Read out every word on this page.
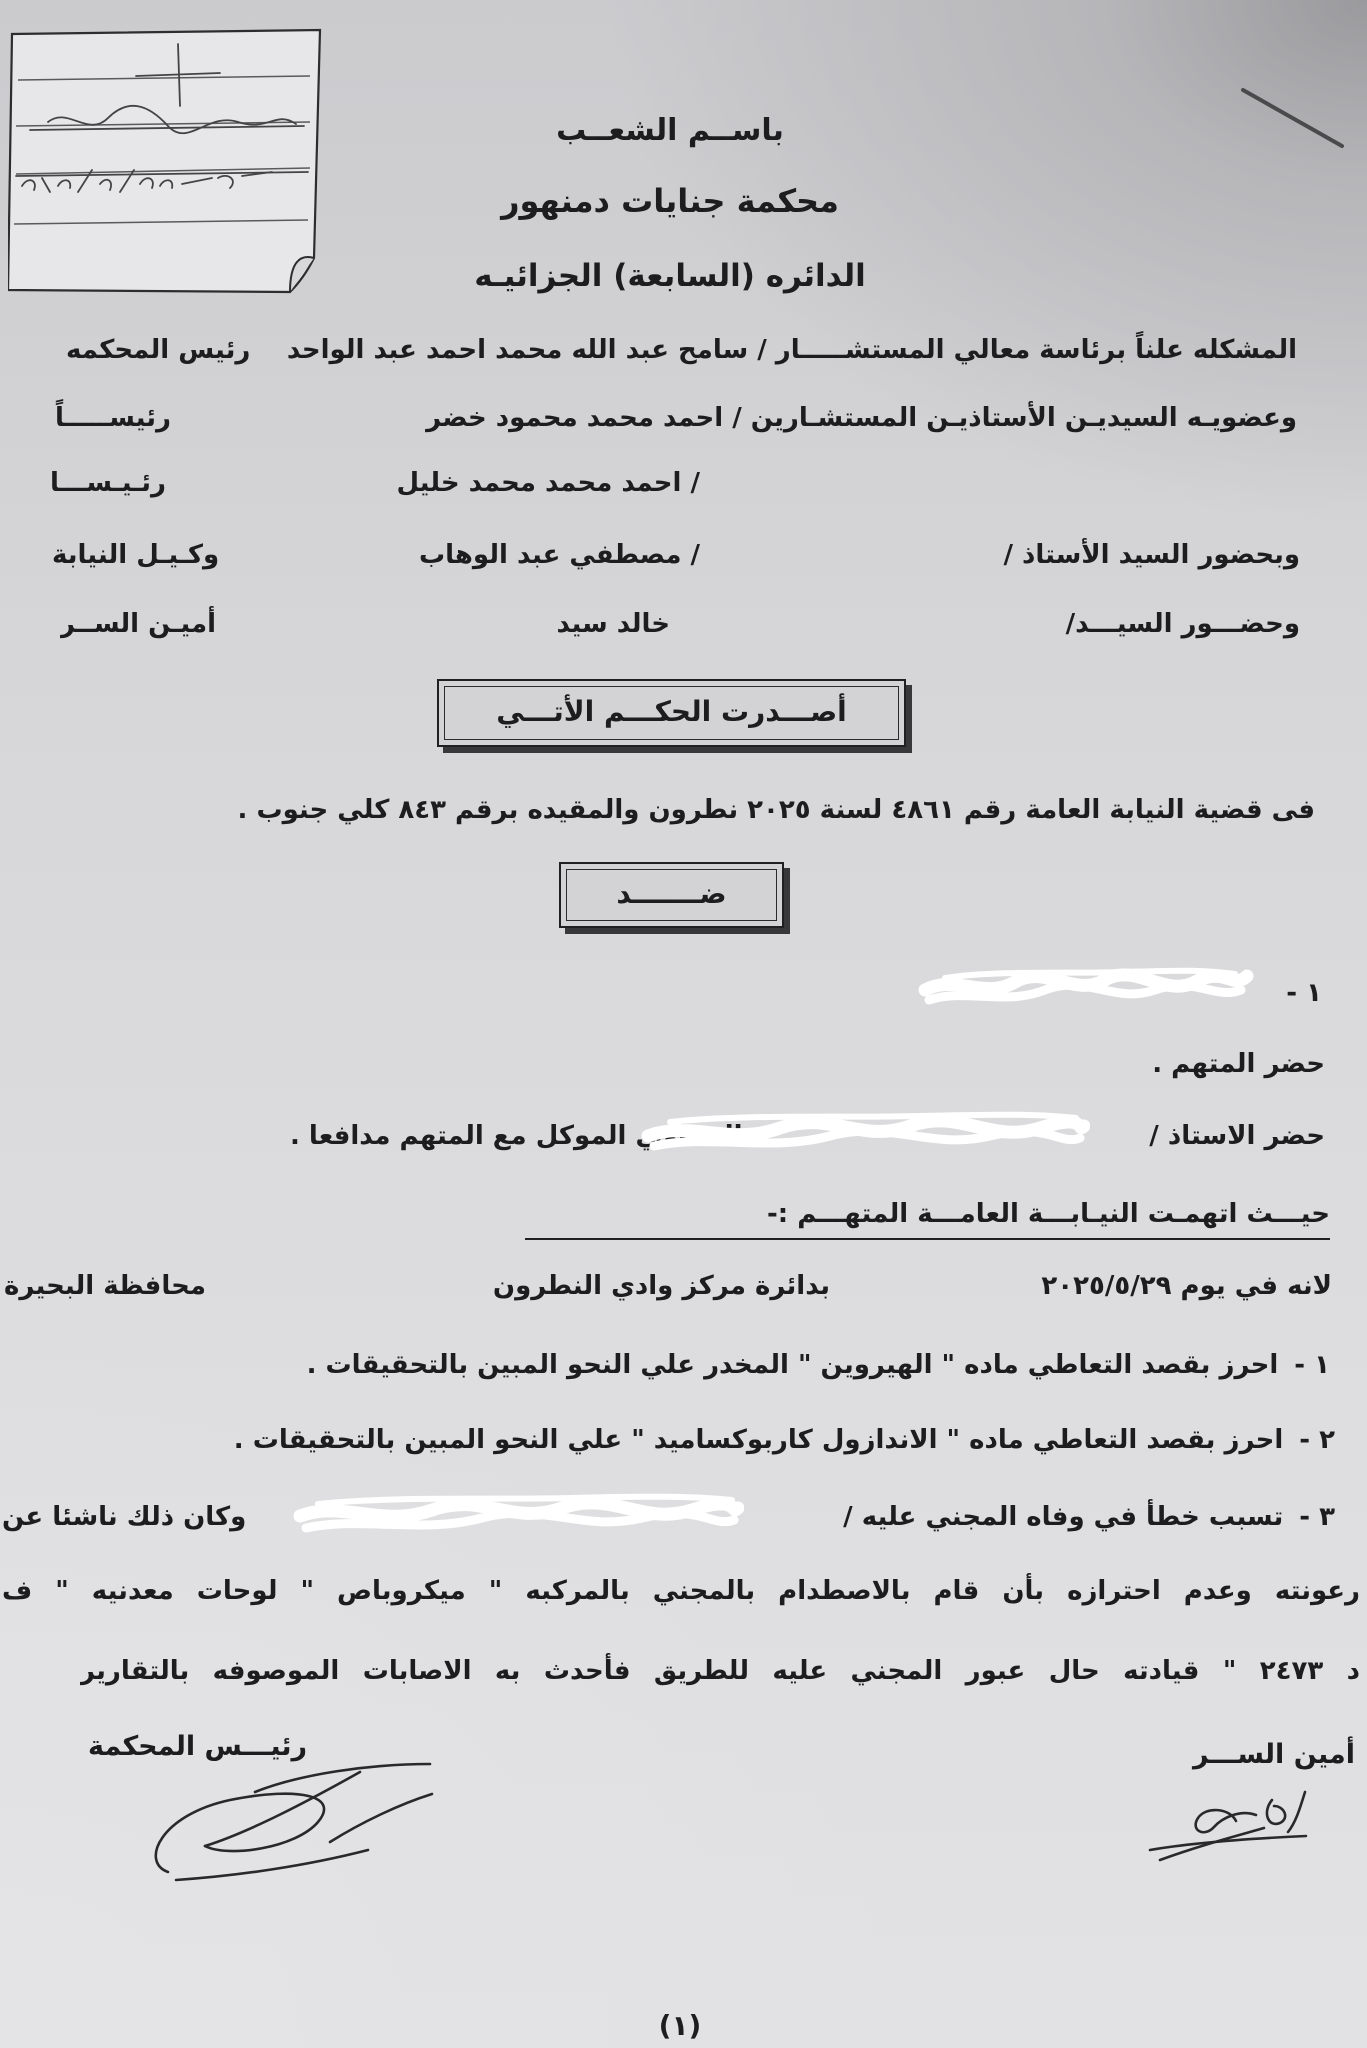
باســم الشعــب
محكمة جنايات دمنهور
الدائره (السابعة) الجزائيـه
المشكله علناً برئاسة معالي المستشـــــار / سامح عبد الله محمد احمد عبد الواحد
رئيس المحكمه
وعضويـه السيديـن الأستاذيـن المستشـارين / احمد محمد محمود خضر
رئيســـــاً
/ احمد محمد محمد خليل
رئـيـســـا
وبحضور السيد الأستاذ /
/ مصطفي عبد الوهاب
وكـيـل النيابة
وحضـــور السيـــد/
خالد سيد
أميـن الســر
أصـــدرت الحكـــم الأتـــي
فى قضية النيابة العامة رقم ٤٨٦١ لسنة ٢٠٢٥ نطرون والمقيده برقم ٨٤٣ كلي جنوب .
ضـــــــد
١ -
حضر المتهم .
حضر الاستاذ /
المحامي الموكل مع المتهم مدافعا .
حيـــث اتهمـت النيـابـــة العامـــة المتهـــم :-
لانه في يوم ٢٠٢٥/٥/٢٩
بدائرة مركز وادي النطرون
محافظة البحيرة
١ -احرز بقصد التعاطي ماده " الهيروين " المخدر علي النحو المبين بالتحقيقات .
٢ -احرز بقصد التعاطي ماده " الاندازول كاربوكساميد " علي النحو المبين بالتحقيقات .
٣ -تسبب خطأ في وفاه المجني عليه /
وكان ذلك ناشئا عن
رعونته وعدم احترازه بأن قام بالاصطدام بالمجني بالمركبه " ميكروباص " لوحات معدنيه " ف
د ٢٤٧٣ " قيادته حال عبور المجني عليه للطريق فأحدث به الاصابات الموصوفه بالتقارير
أمين الســـر
رئيـــس المحكمة
(١)
